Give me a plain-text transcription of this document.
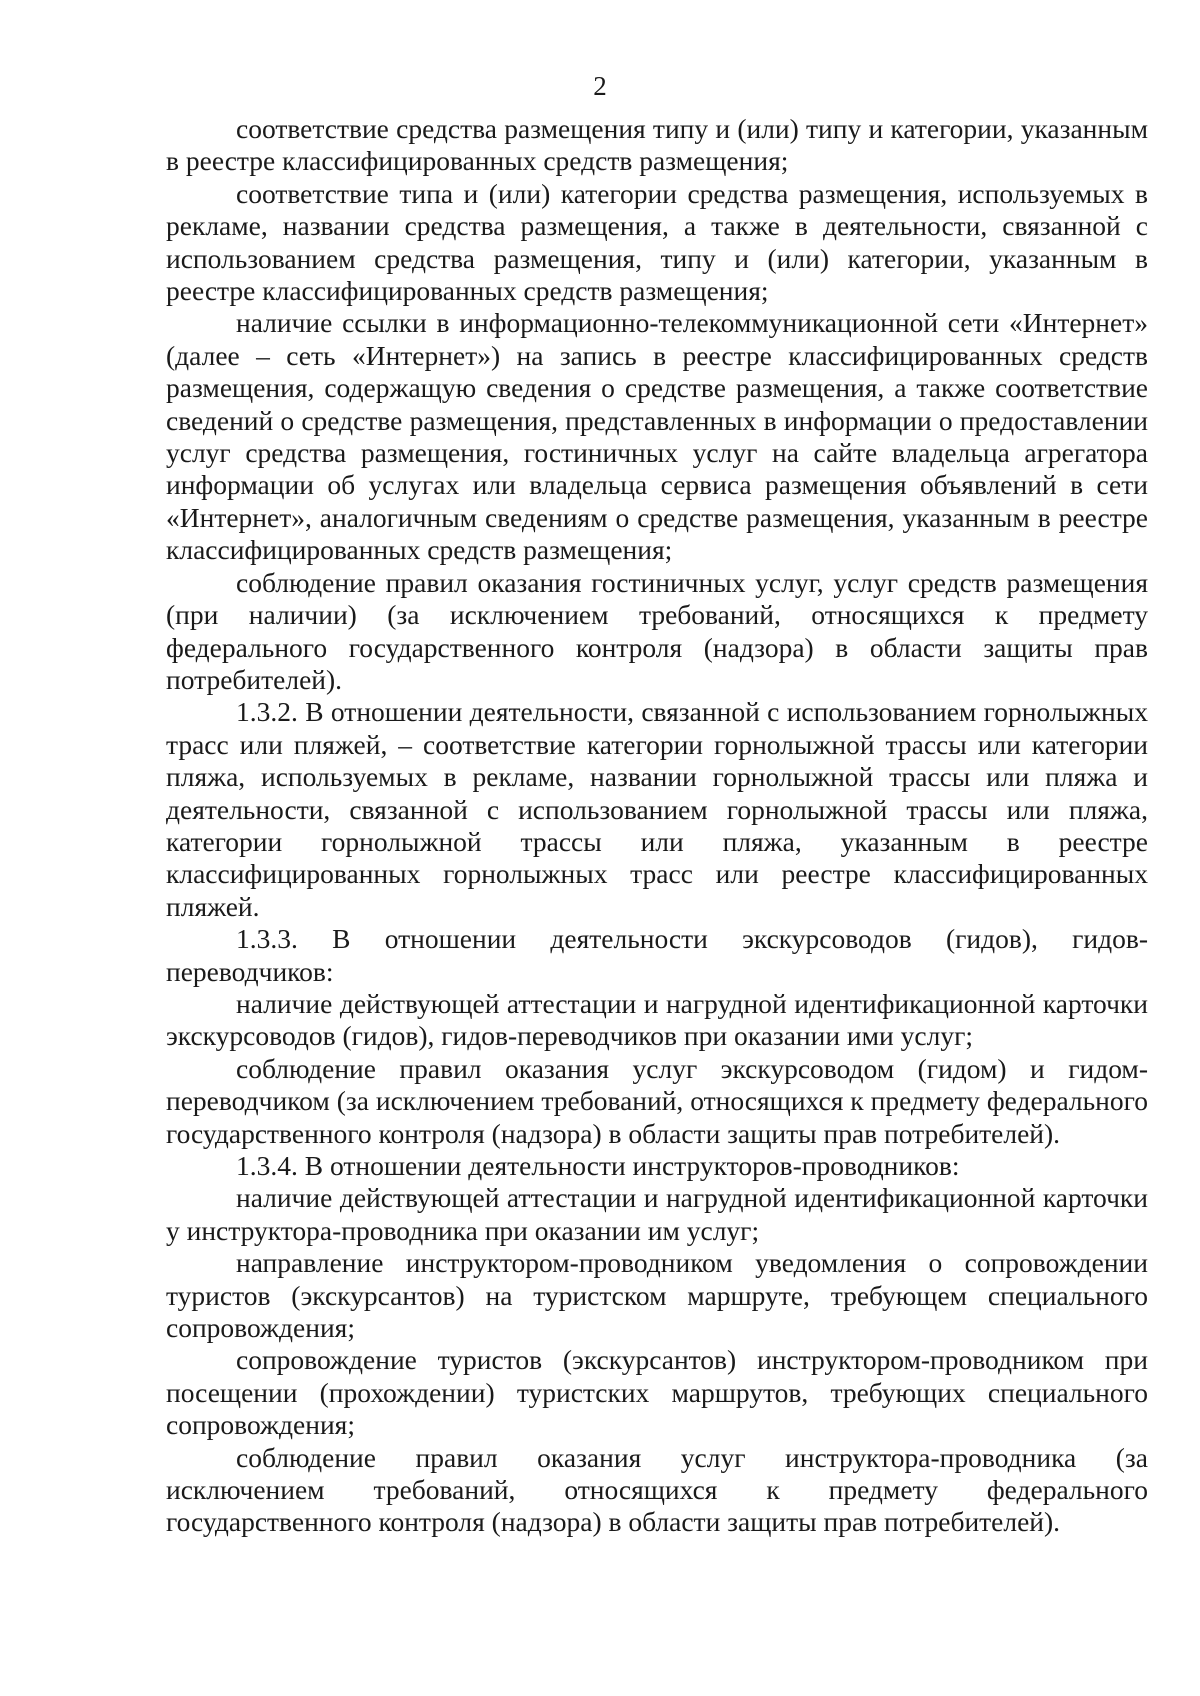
2

соответствие средства размещения типу и (или) типу и категории, указанным в реестре классифицированных средств размещения;

соответствие типа и (или) категории средства размещения, используемых в рекламе, названии средства размещения, а также в деятельности, связанной с использованием средства размещения, типу и (или) категории, указанным в реестре классифицированных средств размещения;

наличие ссылки в информационно-телекоммуникационной сети «Интернет» (далее – сеть «Интернет») на запись в реестре классифицированных средств размещения, содержащую сведения о средстве размещения, а также соответствие сведений о средстве размещения, представленных в информации о предоставлении услуг средства размещения, гостиничных услуг на сайте владельца агрегатора информации об услугах или владельца сервиса размещения объявлений в сети «Интернет», аналогичным сведениям о средстве размещения, указанным в реестре классифицированных средств размещения;

соблюдение правил оказания гостиничных услуг, услуг средств размещения (при наличии) (за исключением требований, относящихся к предмету федерального государственного контроля (надзора) в области защиты прав потребителей).

1.3.2. В отношении деятельности, связанной с использованием горнолыжных трасс или пляжей, – соответствие категории горнолыжной трассы или категории пляжа, используемых в рекламе, названии горнолыжной трассы или пляжа и деятельности, связанной с использованием горнолыжной трассы или пляжа, категории горнолыжной трассы или пляжа, указанным в реестре классифицированных горнолыжных трасс или реестре классифицированных пляжей.

1.3.3. В отношении деятельности экскурсоводов (гидов), гидов-переводчиков:

наличие действующей аттестации и нагрудной идентификационной карточки экскурсоводов (гидов), гидов-переводчиков при оказании ими услуг;

соблюдение правил оказания услуг экскурсоводом (гидом) и гидом-переводчиком (за исключением требований, относящихся к предмету федерального государственного контроля (надзора) в области защиты прав потребителей).

1.3.4. В отношении деятельности инструкторов-проводников:

наличие действующей аттестации и нагрудной идентификационной карточки у инструктора-проводника при оказании им услуг;

направление инструктором-проводником уведомления о сопровождении туристов (экскурсантов) на туристском маршруте, требующем специального сопровождения;

сопровождение туристов (экскурсантов) инструктором-проводником при посещении (прохождении) туристских маршрутов, требующих специального сопровождения;

соблюдение правил оказания услуг инструктора-проводника (за исключением требований, относящихся к предмету федерального государственного контроля (надзора) в области защиты прав потребителей).
